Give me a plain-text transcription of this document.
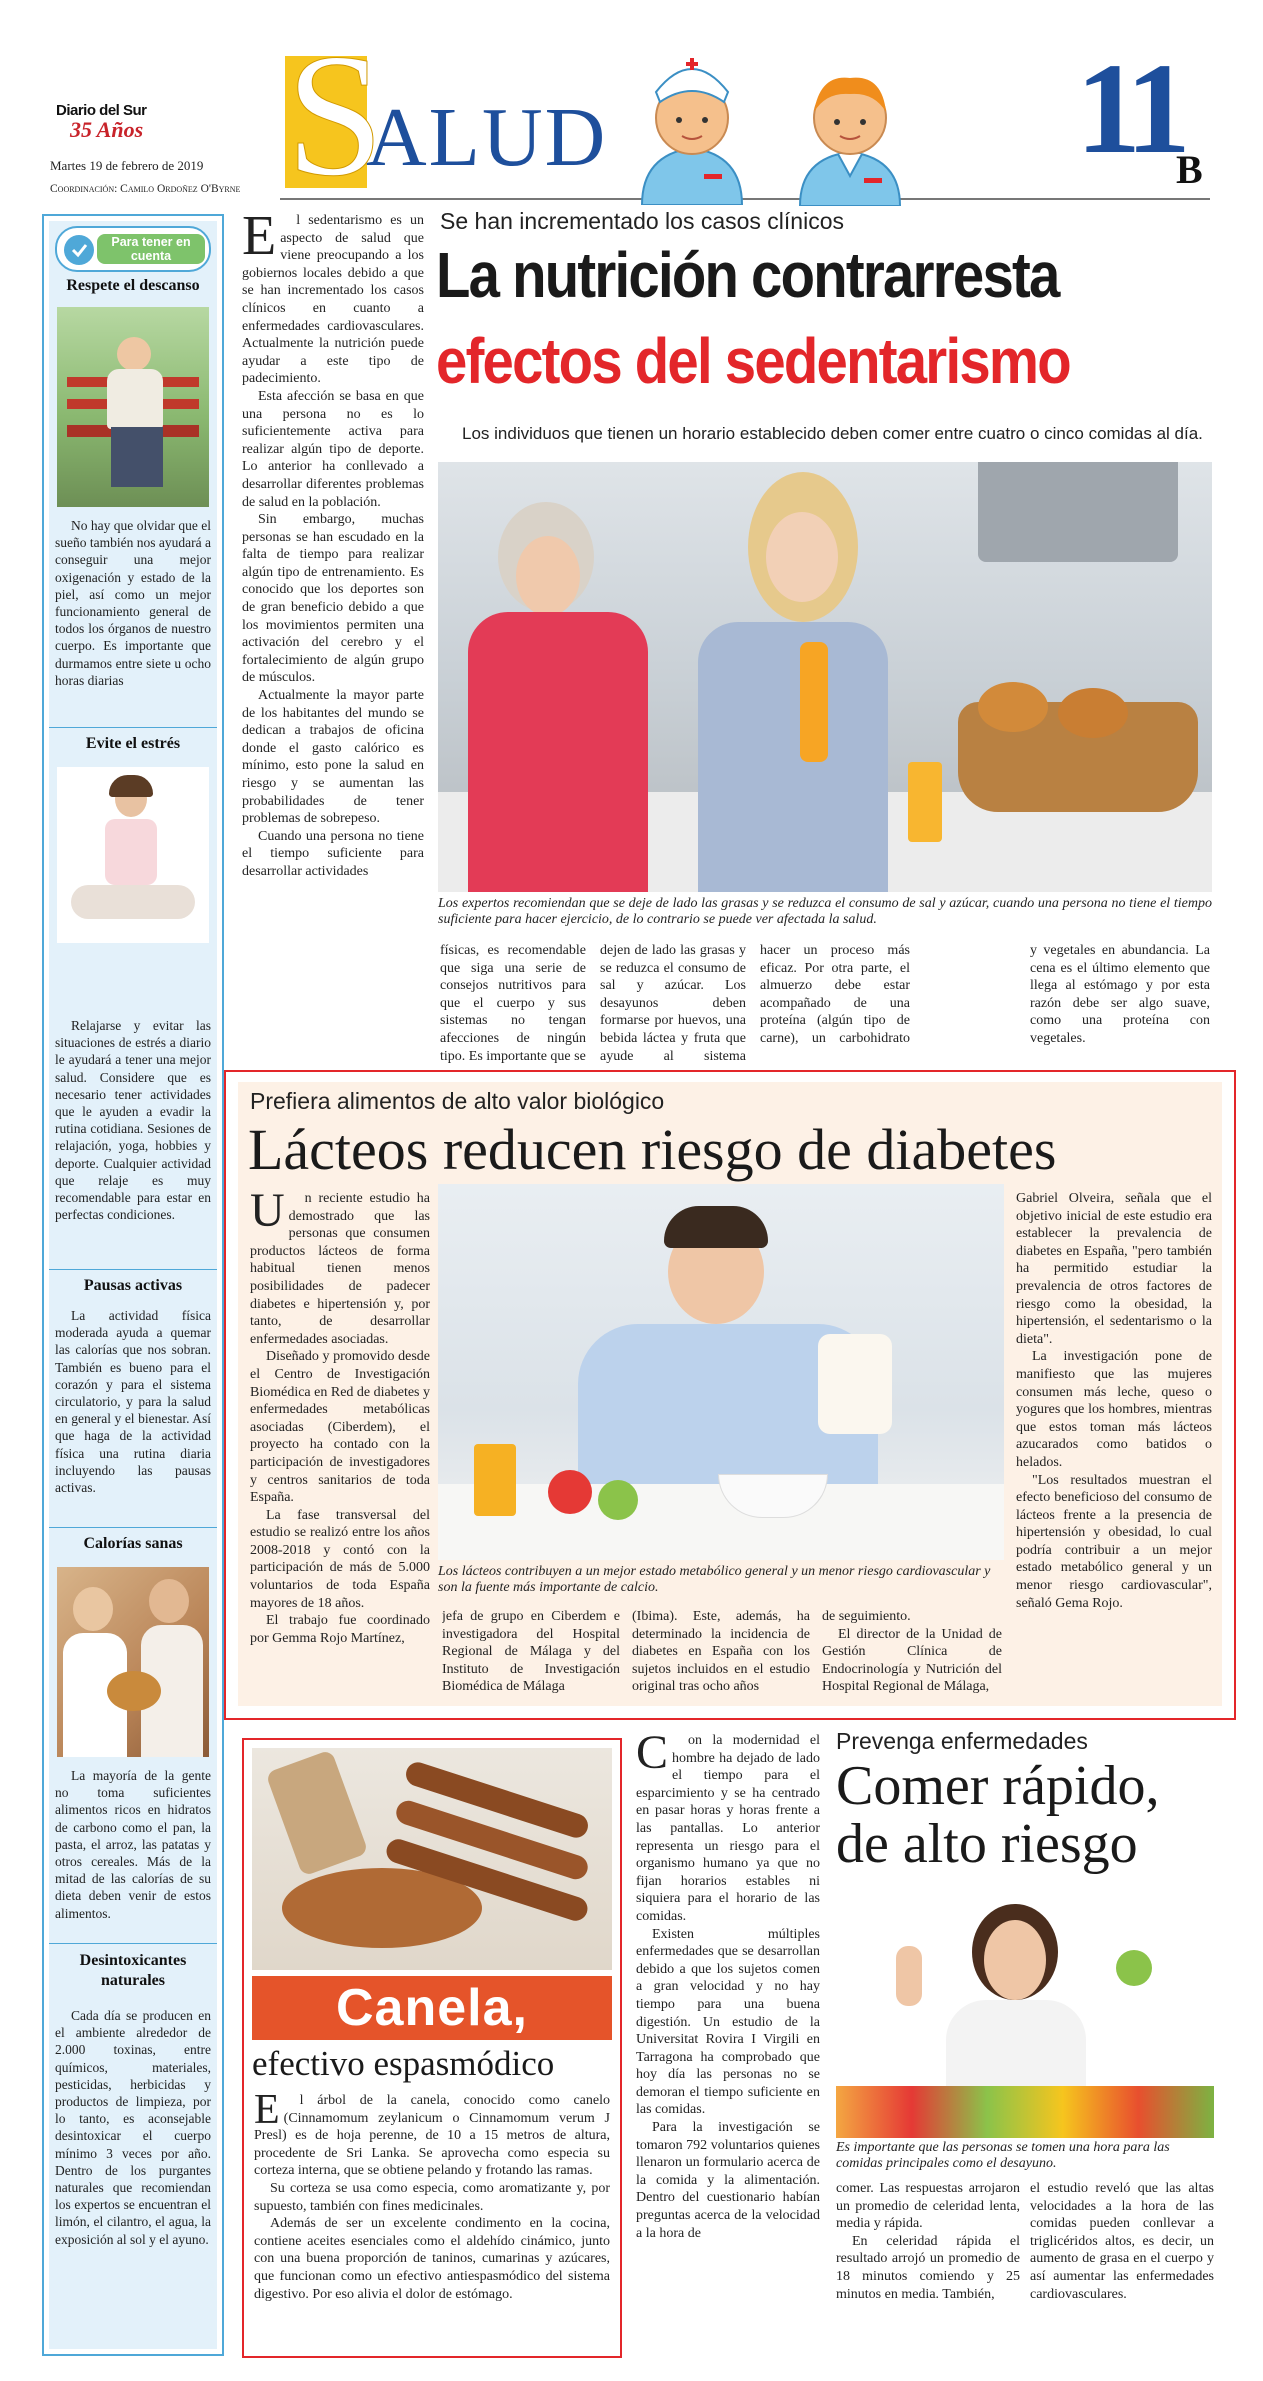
Diario del Sur
35 Años
Martes 19 de febrero de 2019
Coordinación: Camilo Ordoñez O'Byrne S
ALUD	11
B
Para tener en cuenta
Respete el descanso

No hay que olvidar que el sueño también nos ayudará a conseguir una mejor oxigenación y estado de la piel, así como un mejor funcionamiento general de todos los órganos de nuestro cuerpo. Es importante que durmamos entre siete u ocho horas diarias

Evite el estrés

Relajarse y evitar las situaciones de estrés a diario le ayudará a tener una mejor salud. Considere que es necesario tener actividades que le ayuden a evadir la rutina cotidiana. Sesiones de relajación, yoga, hobbies y deporte. Cualquier actividad que relaje es muy recomendable para estar en perfectas condiciones.

Pausas activas

La actividad física moderada ayuda a quemar las calorías que nos sobran. También es bueno para el corazón y para el sistema circulatorio, y para la salud en general y el bienestar. Así que haga de la actividad física una rutina diaria incluyendo las pausas activas.

Calorías sanas

La mayoría de la gente no toma suficientes alimentos ricos en hidratos de carbono como el pan, la pasta, el arroz, las patatas y otros cereales. Más de la mitad de las calorías de su dieta deben venir de estos alimentos.

Desintoxicantes naturales

Cada día se producen en el ambiente alrededor de 2.000 toxinas, entre químicos, materiales, pesticidas, herbicidas y productos de limpieza, por lo tanto, es aconsejable desintoxicar el cuerpo mínimo 3 veces por año. Dentro de los purgantes naturales que recomiendan los expertos se encuentran el limón, el cilantro, el agua, la exposición al sol y el ayuno.

E l sedentarismo es un aspecto de salud que viene preocupando a los gobiernos locales debido a que se han incrementado los casos clínicos en cuanto a enfermedades cardiovasculares. Actualmente la nutrición puede ayudar a este tipo de padecimiento.

Esta afección se basa en que una persona no es lo suficientemente activa para realizar algún tipo de deporte. Lo anterior ha conllevado a desarrollar diferentes problemas de salud en la población.

Sin embargo, muchas personas se han escudado en la falta de tiempo para realizar algún tipo de entrenamiento. Es conocido que los deportes son de gran beneficio debido a que los movimientos permiten una activación del cerebro y el fortalecimiento de algún grupo de músculos.

Actualmente la mayor parte de los habitantes del mundo se dedican a trabajos de oficina donde el gasto calórico es mínimo, esto pone la salud en riesgo y se aumentan las probabilidades de tener problemas de sobrepeso.

Cuando una persona no tiene el tiempo suficiente para desarrollar actividades

Se han incrementado los casos clínicos
La nutrición contrarresta
efectos del sedentarismo
Los individuos que tienen un horario establecido deben comer entre cuatro o cinco comidas al día.
Los expertos recomiendan que se deje de lado las grasas y se reduzca el consumo de sal y azúcar, cuando una persona no tiene el tiempo suficiente para hacer ejercicio, de lo contrario se puede ver afectada la salud.

físicas, es recomendable que siga una serie de consejos nutritivos para que el cuerpo y sus sistemas no tengan afecciones de ningún tipo. Es importante que se

dejen de lado las grasas y se reduzca el consumo de sal y azúcar. Los desayunos deben formarse por huevos, una bebida láctea y fruta que ayude al sistema

hacer un proceso más eficaz. Por otra parte, el almuerzo debe estar acompañado de una proteína (algún tipo de carne), un carbohidrato

y vegetales en abundancia. La cena es el último elemento que llega al estómago y por esta razón debe ser algo suave, como una proteína con vegetales.

Prefiera alimentos de alto valor biológico
Lácteos reducen riesgo de diabetes

U n reciente estudio ha demostrado que las personas que consumen productos lácteos de forma habitual tienen menos posibilidades de padecer diabetes e hipertensión y, por tanto, de desarrollar enfermedades asociadas.

Diseñado y promovido desde el Centro de Investigación Biomédica en Red de diabetes y enfermedades metabólicas asociadas (Ciberdem), el proyecto ha contado con la participación de investigadores y centros sanitarios de toda España.

La fase transversal del estudio se realizó entre los años 2008-2018 y contó con la participación de más de 5.000 voluntarios de toda España mayores de 18 años.

El trabajo fue coordinado por Gemma Rojo Martínez,

Los lácteos contribuyen a un mejor estado metabólico general y un menor riesgo cardiovascular y son la fuente más importante de calcio.

jefa de grupo en Ciberdem e investigadora del Hospital Regional de Málaga y del Instituto de Investigación Biomédica de Málaga

(Ibima). Este, además, ha determinado la incidencia de diabetes en España con los sujetos incluidos en el estudio original tras ocho años

de seguimiento.

El director de la Unidad de Gestión Clínica de Endocrinología y Nutrición del Hospital Regional de Málaga,

Gabriel Olveira, señala que el objetivo inicial de este estudio era establecer la prevalencia de diabetes en España, "pero también ha permitido estudiar la prevalencia de otros factores de riesgo como la obesidad, la hipertensión, el sedentarismo o la dieta".

La investigación pone de manifiesto que las mujeres consumen más leche, queso o yogures que los hombres, mientras que estos toman más lácteos azucarados como batidos o helados.

"Los resultados muestran el efecto beneficioso del consumo de lácteos frente a la presencia de hipertensión y obesidad, lo cual podría contribuir a un mejor estado metabólico general y un menor riesgo cardiovascular", señaló Gema Rojo.

Canela,
efectivo espasmódico

E l árbol de la canela, conocido como canelo (Cinnamomum zeylanicum o Cinnamomum verum J Presl) es de hoja perenne, de 10 a 15 metros de altura, procedente de Sri Lanka. Se aprovecha como especia su corteza interna, que se obtiene pelando y frotando las ramas.

Su corteza se usa como especia, como aromatizante y, por supuesto, también con fines medicinales.

Además de ser un excelente condimento en la cocina, contiene aceites esenciales como el aldehído cinámico, junto con una buena proporción de taninos, cumarinas y azúcares, que funcionan como un efectivo antiespasmódico del sistema digestivo. Por eso alivia el dolor de estómago.

C on la modernidad el hombre ha dejado de lado el tiempo para el esparcimiento y se ha centrado en pasar horas y horas frente a las pantallas. Lo anterior representa un riesgo para el organismo humano ya que no fijan horarios estables ni siquiera para el horario de las comidas.

Existen múltiples enfermedades que se desarrollan debido a que los sujetos comen a gran velocidad y no hay tiempo para una buena digestión. Un estudio de la Universitat Rovira I Virgili en Tarragona ha comprobado que hoy día las personas no se demoran el tiempo suficiente en las comidas.

Para la investigación se tomaron 792 voluntarios quienes llenaron un formulario acerca de la comida y la alimentación. Dentro del cuestionario habían preguntas acerca de la velocidad a la hora de

Prevenga enfermedades
Comer rápido,
de alto riesgo
Es importante que las personas se tomen una hora para las comidas principales como el desayuno.

comer. Las respuestas arrojaron un promedio de celeridad lenta, media y rápida.

En celeridad rápida el resultado arrojó un promedio de 18 minutos comiendo y 25 minutos en media. También,

el estudio reveló que las altas velocidades a la hora de las comidas pueden conllevar a triglicéridos altos, es decir, un aumento de grasa en el cuerpo y así aumentar las enfermedades cardiovasculares.
